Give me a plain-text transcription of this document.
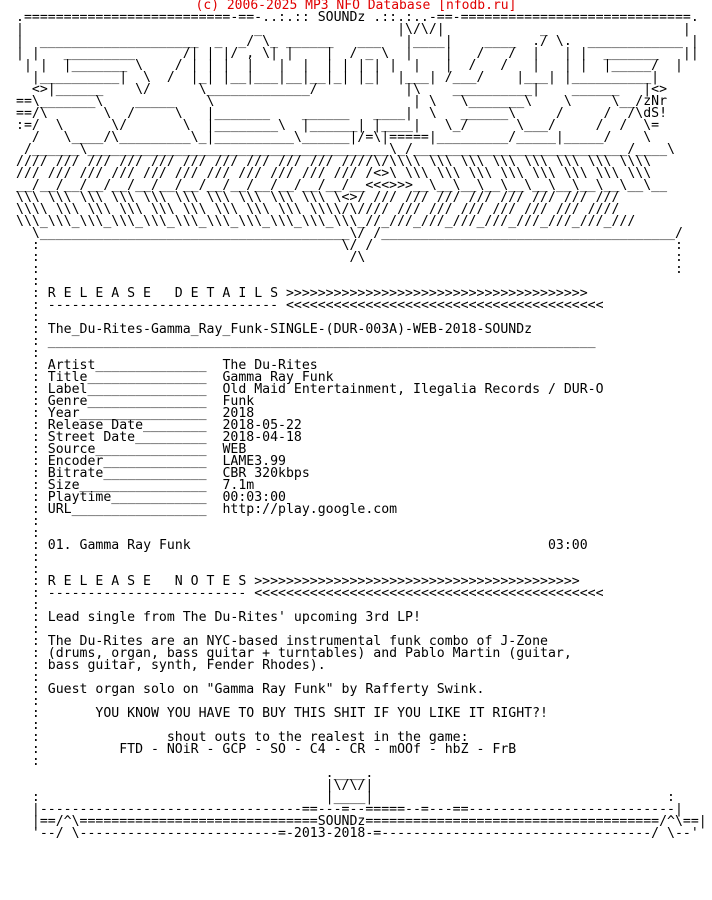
(c) 2006-2025 MP3 NFO Database [nfodb.ru]
.==========================-==-..:.:: SOUNDz .::.:..-==-=============================.
|                             _                 |\/\/|            _                 |
|  ____________________  _  _/ \_ ______   ___   |____|    ____  ./ \.  ____________ |
| |   _________      /| | |/ , \| |    |  / _ \  |    |   /   /  |   | |  _______   ||
| |  |_______ \    / | | |  |   |  |  | | | | |  |   |  /   /   |   | |  |_____/  |
|__________|  \  /  |_| |__|___|__|__|_| |_|  |___| /___/    |___| |__________|
<>|______    \/      \_____________/           |\    __________|    ______   |<>
==\_______\    _____    \                         | \   \_______\    \     \__/zNr
==/\       \  /     \   |_______    ______   ____|  \   ______\     /     /  /\dS!
:=/  \      \/       \  |________\  |______| |____|   \_/      \___/     /  /  \=
/   \____/\_________\_|__________\______|/=\|=====|_________/_____|_____/    \
/______\______________________________________\_/___________________________/____\
//// /// /// /// /// /// /// /// /// /// ////\/\\\\ \\\ \\\ \\\ \\\ \\\ \\\ \\\\
/// /// /// /// /// /// /// /// /// /// /// /<>\ \\\ \\\ \\\ \\\ \\\ \\\ \\\ \\\
__/__/__/__/__/__/__/__/__/__/__/__/__/__/__<<<>>>__\__\__\__\__\__\__\__\__\__\__
\\\ \\\ \\\ \\\ \\\ \\\ \\\ \\\ \\\ \\\ \<>/ /// /// /// /// /// /// /// ///
\\\\ \\\ \\\ \\\ \\\ \\\ \\\ \\\ \\\ \\\\/\//// /// /// /// /// /// /// ////
\\\_\\\_\\\_\\\_\\\_\\\_\\\_\\\_\\\_\\\_\\\_//_///_///_///_///_///_///_///_///
\_______________________________________\/ /_____________________________________/
:                                      \/ /                                      :
:                                       /\                                       :
:                                                                                :
:
: R E L E A S E   D E T A I L S >>>>>>>>>>>>>>>>>>>>>>>>>>>>>>>>>>>>>>
: ----------------------------- <<<<<<<<<<<<<<<<<<<<<<<<<<<<<<<<<<<<<<<<
:
: The_Du-Rites-Gamma_Ray_Funk-SINGLE-(DUR-003A)-WEB-2018-SOUNDz
: _____________________________________________________________________
:
: Artist______________  The Du-Rites
: Title_______________  Gamma Ray Funk
: Label_______________  Old Maid Entertainment, Ilegalia Records / DUR-O
: Genre_______________  Funk
: Year________________  2018
: Release Date________  2018-05-22
: Street Date_________  2018-04-18
: Source______________  WEB
: Encoder_____________  LAME3.99
: Bitrate_____________  CBR 320kbps
: Size________________  7.1m
: Playtime____________  00:03:00
: URL_________________  http://play.google.com
:
:
: 01. Gamma Ray Funk	03:00
:
:
: R E L E A S E   N O T E S >>>>>>>>>>>>>>>>>>>>>>>>>>>>>>>>>>>>>>>>>
: ------------------------- <<<<<<<<<<<<<<<<<<<<<<<<<<<<<<<<<<<<<<<<<<<<
:
: Lead single from The Du-Rites' upcoming 3rd LP!
:
: The Du-Rites are an NYC-based instrumental funk combo of J-Zone
: (drums, organ, bass guitar + turntables) and Pablo Martin (guitar,
: bass guitar, synth, Fender Rhodes).
:
: Guest organ solo on "Gamma Ray Funk" by Rafferty Swink.
:
:       YOU KNOW YOU HAVE TO BUY THIS SHIT IF YOU LIKE IT RIGHT?!
:
:	shout outs to the realest in the game:
:	FTD - NOiR - GCP - SO - C4 - CR - mOOf - hbZ - FrB
:
.____.
|\/\/|
:                                    |____|                                     :
|---------------------------------==---=--=====--=---==--------------------------|
|==/^\==============================SOUNDz=====================================/^\==|
'--/ \-------------------------=-2013-2018-=----------------------------------/ \--'
